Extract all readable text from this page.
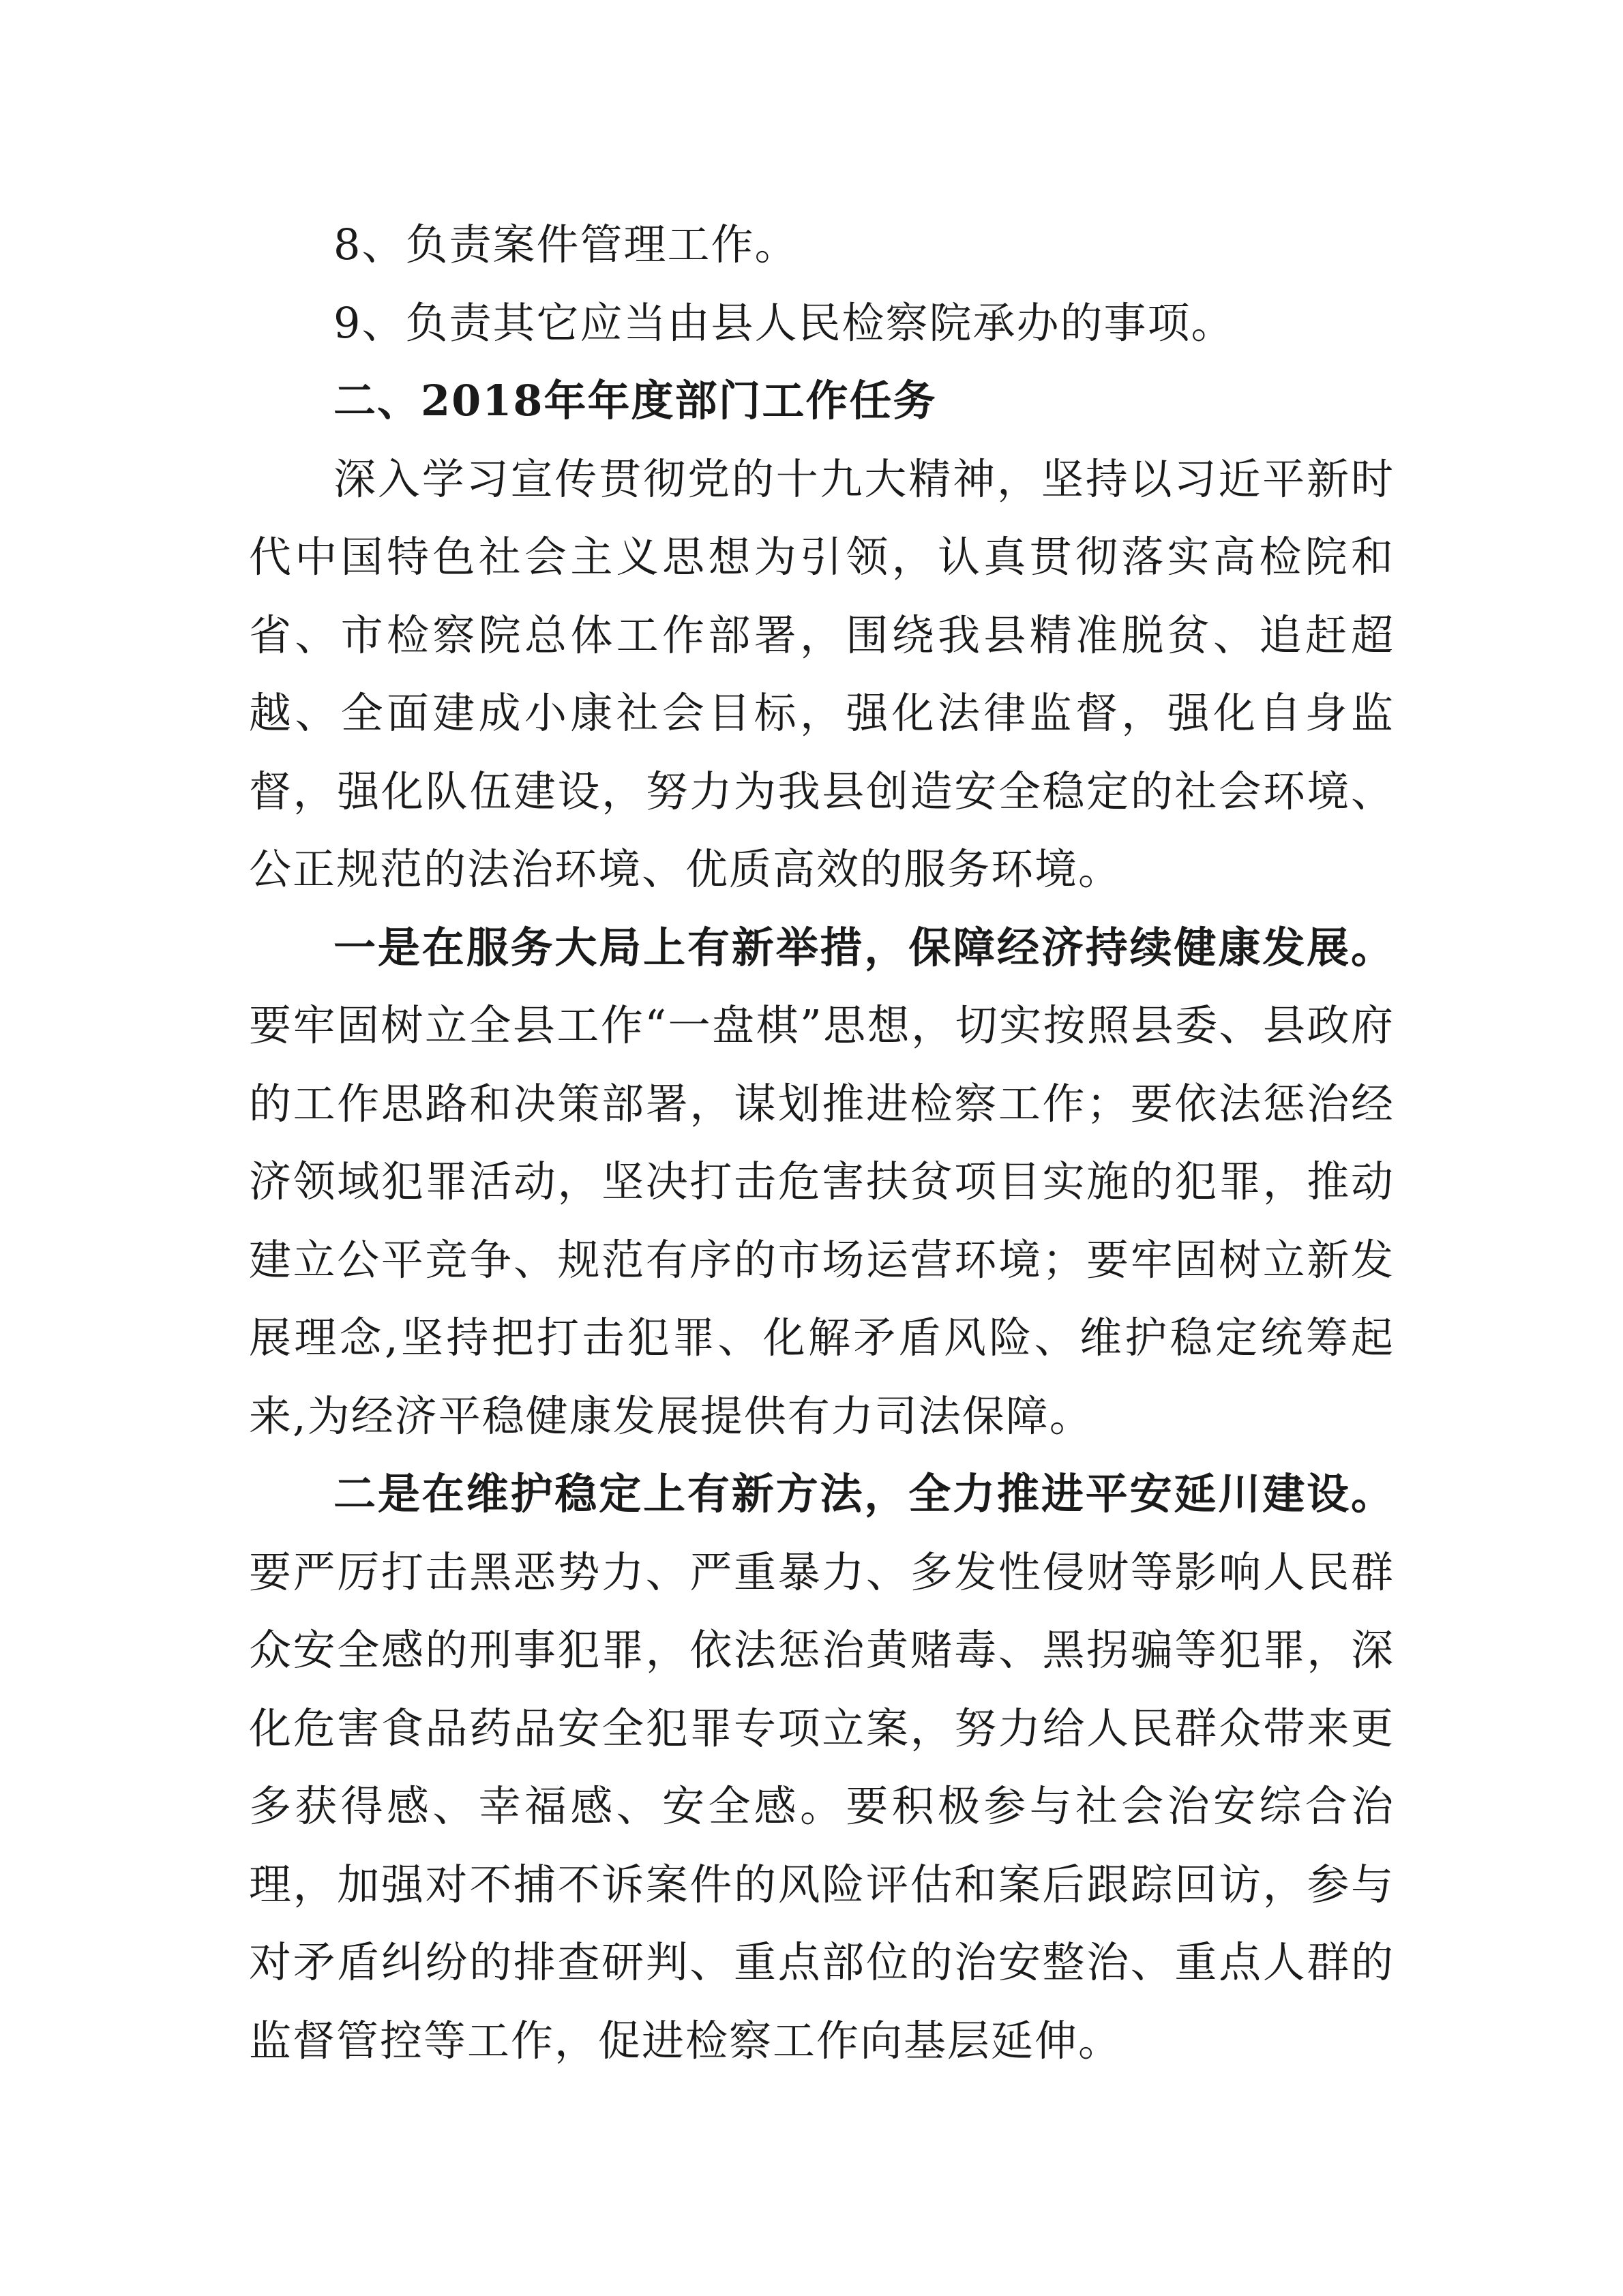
8、负责案件管理工作。

9、负责其它应当由县人民检察院承办的事项。

二、2018年年度部门工作任务

深入学习宣传贯彻党的十九大精神，坚持以习近平新时代中国特色社会主义思想为引领，认真贯彻落实高检院和省、市检察院总体工作部署，围绕我县精准脱贫、追赶超越、全面建成小康社会目标，强化法律监督，强化自身监督，强化队伍建设，努力为我县创造安全稳定的社会环境、公正规范的法治环境、优质高效的服务环境。

一是在服务大局上有新举措，保障经济持续健康发展。要牢固树立全县工作“一盘棋”思想，切实按照县委、县政府的工作思路和决策部署，谋划推进检察工作；要依法惩治经济领域犯罪活动，坚决打击危害扶贫项目实施的犯罪，推动建立公平竞争、规范有序的市场运营环境；要牢固树立新发展理念,坚持把打击犯罪、化解矛盾风险、维护稳定统筹起来,为经济平稳健康发展提供有力司法保障。

二是在维护稳定上有新方法，全力推进平安延川建设。要严厉打击黑恶势力、严重暴力、多发性侵财等影响人民群众安全感的刑事犯罪，依法惩治黄赌毒、黑拐骗等犯罪，深化危害食品药品安全犯罪专项立案，努力给人民群众带来更多获得感、幸福感、安全感。要积极参与社会治安综合治理，加强对不捕不诉案件的风险评估和案后跟踪回访，参与对矛盾纠纷的排查研判、重点部位的治安整治、重点人群的监督管控等工作，促进检察工作向基层延伸。
